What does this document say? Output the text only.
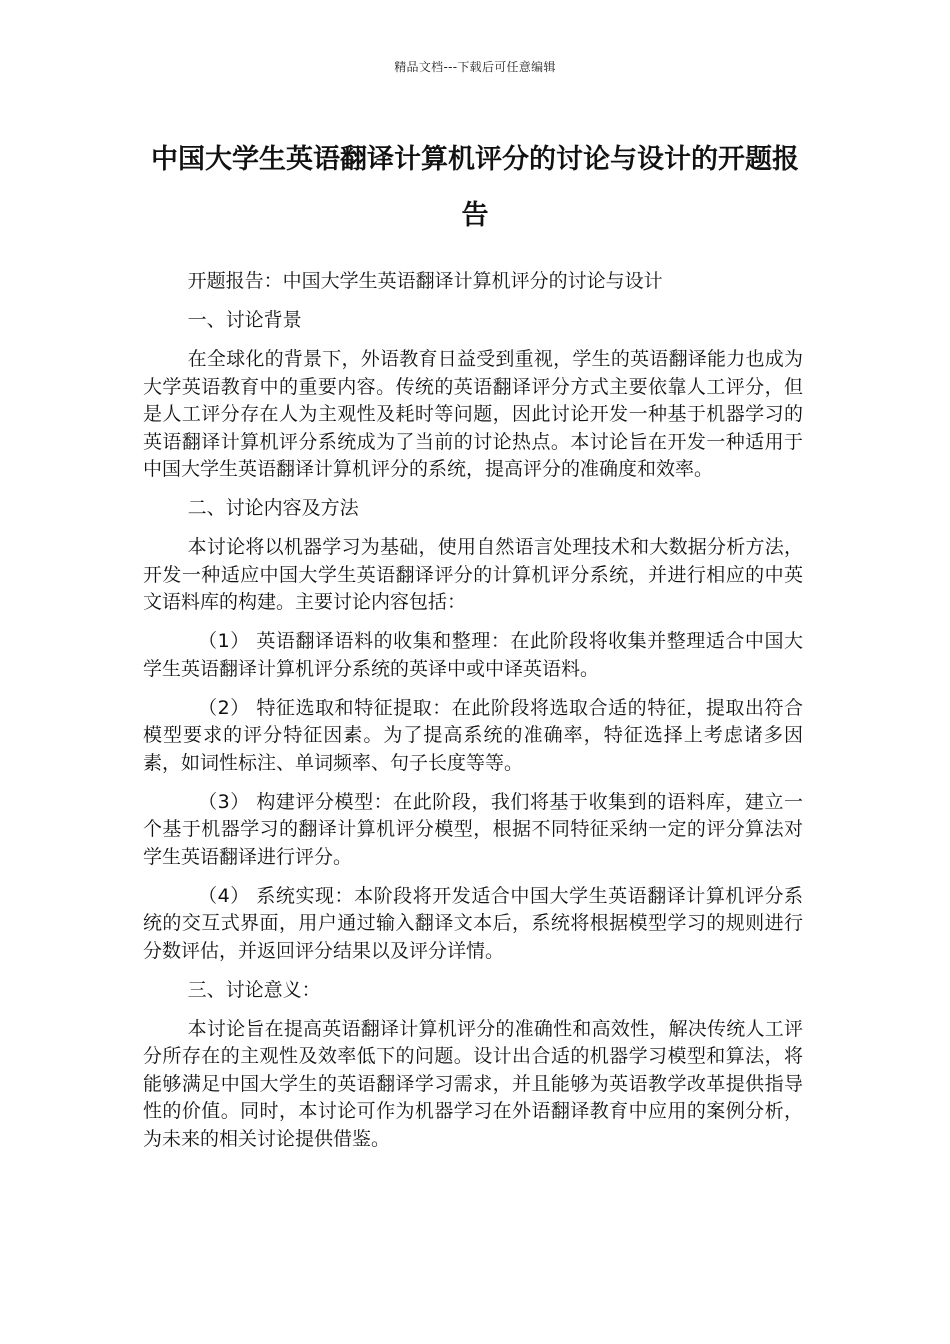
精品文档---下载后可任意编辑
中国大学生英语翻译计算机评分的讨论与设计的开题报告

开题报告：中国大学生英语翻译计算机评分的讨论与设计

一、讨论背景

在全球化的背景下，外语教育日益受到重视，学生的英语翻译能力也成为大学英语教育中的重要内容。传统的英语翻译评分方式主要依靠人工评分，但是人工评分存在人为主观性及耗时等问题，因此讨论开发一种基于机器学习的英语翻译计算机评分系统成为了当前的讨论热点。本讨论旨在开发一种适用于中国大学生英语翻译计算机评分的系统，提高评分的准确度和效率。

二、讨论内容及方法

本讨论将以机器学习为基础，使用自然语言处理技术和大数据分析方法，开发一种适应中国大学生英语翻译评分的计算机评分系统，并进行相应的中英文语料库的构建。主要讨论内容包括：

（1） 英语翻译语料的收集和整理：在此阶段将收集并整理适合中国大学生英语翻译计算机评分系统的英译中或中译英语料。

（2） 特征选取和特征提取：在此阶段将选取合适的特征，提取出符合模型要求的评分特征因素。为了提高系统的准确率，特征选择上考虑诸多因素，如词性标注、单词频率、句子长度等等。

（3） 构建评分模型：在此阶段，我们将基于收集到的语料库，建立一个基于机器学习的翻译计算机评分模型，根据不同特征采纳一定的评分算法对学生英语翻译进行评分。

（4） 系统实现：本阶段将开发适合中国大学生英语翻译计算机评分系统的交互式界面，用户通过输入翻译文本后，系统将根据模型学习的规则进行分数评估，并返回评分结果以及评分详情。

三、讨论意义：

本讨论旨在提高英语翻译计算机评分的准确性和高效性，解决传统人工评分所存在的主观性及效率低下的问题。设计出合适的机器学习模型和算法，将能够满足中国大学生的英语翻译学习需求，并且能够为英语教学改革提供指导性的价值。同时，本讨论可作为机器学习在外语翻译教育中应用的案例分析，为未来的相关讨论提供借鉴。
